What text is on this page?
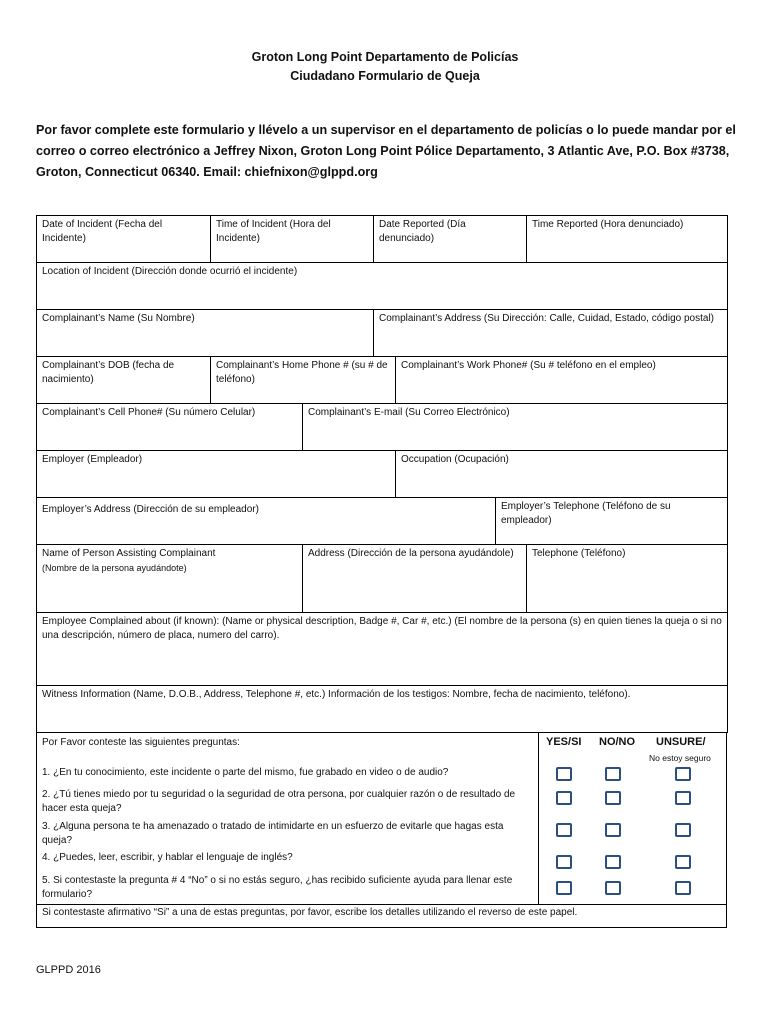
Groton Long Point Departamento de Policías
Ciudadano Formulario de Queja
Por favor complete este formulario y llévelo a un supervisor en el departamento de policías o lo puede mandar por el correo o correo electrónico a Jeffrey Nixon, Groton Long Point Pólice Departamento, 3 Atlantic Ave, P.O. Box #3738, Groton, Connecticut 06340. Email: chiefnixon@glppd.org
Date of Incident (Fecha del Incidente)	Time of Incident (Hora del Incidente)		Date Reported (Día denunciado)			Time Reported (Hora denunciado)
Location of Incident (Dirección donde ocurrió el incidente)						
Complainant’s Name (Su Nombre)			Complainant’s Address (Su Dirección: Calle, Cuidad, Estado, código postal)			
Complainant’s DOB (fecha de nacimiento)	Complainant’s Home Phone # (su # de teléfono)			Complainant’s Work Phone# (Su # teléfono en el empleo)		
Complainant’s Cell Phone# (Su número Celular)		Complainant’s E-mail (Su Correo Electrónico)				
Employer (Empleador)				Occupation (Ocupación)		
Employer’s Address (Dirección de su empleador)					Employer’s Telephone (Teléfono de su empleador)	

Name of Person Assisting Complainant
(Nombre de la persona ayudándote)		Address (Dirección de la persona ayudándole)				Telephone (Teléfono)
Employee Complained about (if known): (Name or physical description, Badge #, Car #, etc.) (El nombre de la persona (s) en quien tienes la queja o si no una descripción, número de placa, numero del carro).						
Witness Information (Name, D.O.B., Address, Telephone #, etc.) Información de los testigos: Nombre, fecha de nacimiento, teléfono).						
Por Favor conteste las siguientes preguntas:	YES/SI NO/NO UNSURE/
No estoy seguro
1. ¿En tu conocimiento, este incidente o parte del mismo, fue grabado en video o de audio?
2. ¿Tú tienes miedo por tu seguridad o la seguridad de otra persona, por cualquier razón o de resultado de hacer esta queja?
3. ¿Alguna persona te ha amenazado o tratado de intimidarte en un esfuerzo de evitarle que hagas esta queja?
4. ¿Puedes, leer, escribir, y hablar el lenguaje de inglés?
5. Si contestaste la pregunta # 4 “No” o si no estás seguro, ¿has recibido suficiente ayuda para llenar este formulario?
Si contestaste afirmativo “Si” a una de estas preguntas, por favor, escribe los detalles utilizando el reverso de este papel.
GLPPD 2016
